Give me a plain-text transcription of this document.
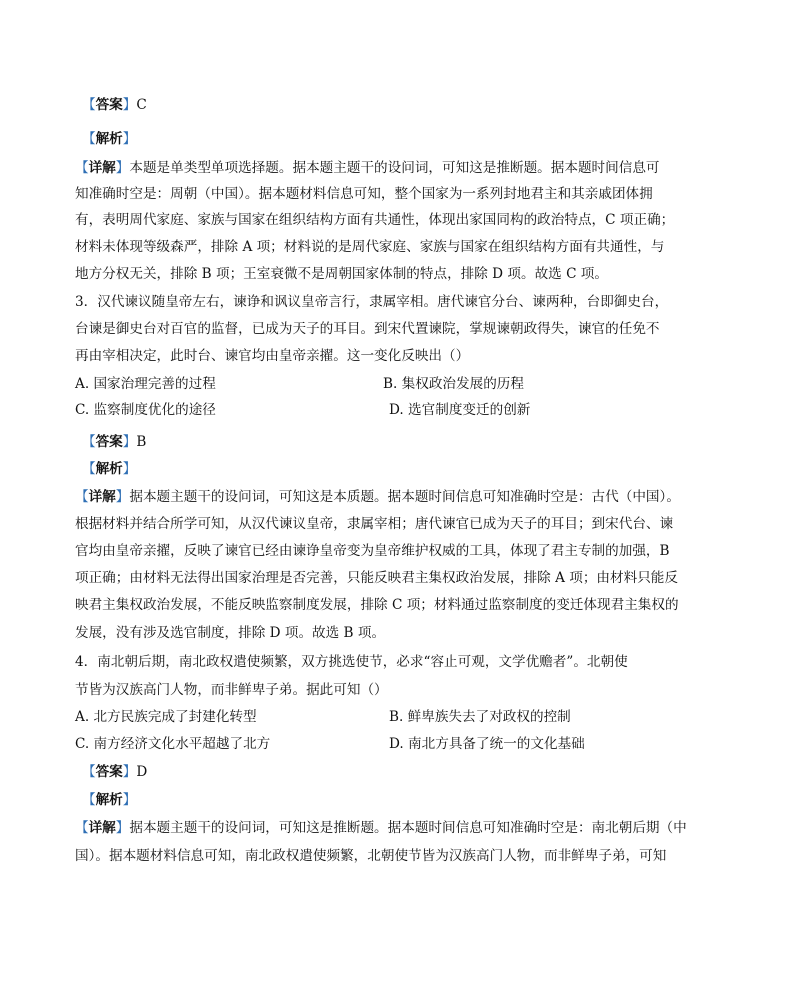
【答案】C
【解析】
【详解】本题是单类型单项选择题。据本题主题干的设问词，可知这是推断题。据本题时间信息可
知准确时空是：周朝（中国）。据本题材料信息可知，整个国家为一系列封地君主和其亲戚团体拥
有，表明周代家庭、家族与国家在组织结构方面有共通性，体现出家国同构的政治特点，C 项正确；
材料未体现等级森严，排除 A 项；材料说的是周代家庭、家族与国家在组织结构方面有共通性，与
地方分权无关，排除 B 项；王室衰微不是周朝国家体制的特点，排除 D 项。故选 C 项。
3．汉代谏议随皇帝左右，谏诤和讽议皇帝言行，隶属宰相。唐代谏官分台、谏两种，台即御史台，
台谏是御史台对百官的监督，已成为天子的耳目。到宋代置谏院，掌规谏朝政得失，谏官的任免不
再由宰相决定，此时台、谏官均由皇帝亲擢。这一变化反映出（）
A. 国家治理完善的过程	B. 集权政治发展的历程
C. 监察制度优化的途径	D. 选官制度变迁的创新
【答案】B
【解析】
【详解】据本题主题干的设问词，可知这是本质题。据本题时间信息可知准确时空是：古代（中国）。
根据材料并结合所学可知，从汉代谏议皇帝，隶属宰相；唐代谏官已成为天子的耳目；到宋代台、谏
官均由皇帝亲擢，反映了谏官已经由谏诤皇帝变为皇帝维护权威的工具，体现了君主专制的加强，B
项正确；由材料无法得出国家治理是否完善，只能反映君主集权政治发展，排除 A 项；由材料只能反
映君主集权政治发展，不能反映监察制度发展，排除 C 项；材料通过监察制度的变迁体现君主集权的
发展，没有涉及选官制度，排除 D 项。故选 B 项。
4．南北朝后期，南北政权遣使频繁，双方挑选使节，必求“容止可观，文学优赡者”。北朝使
节皆为汉族高门人物，而非鲜卑子弟。据此可知（）
A. 北方民族完成了封建化转型	B. 鲜卑族失去了对政权的控制
C. 南方经济文化水平超越了北方	D. 南北方具备了统一的文化基础
【答案】D
【解析】
【详解】据本题主题干的设问词，可知这是推断题。据本题时间信息可知准确时空是：南北朝后期（中
国）。据本题材料信息可知，南北政权遣使频繁，北朝使节皆为汉族高门人物，而非鲜卑子弟，可知
